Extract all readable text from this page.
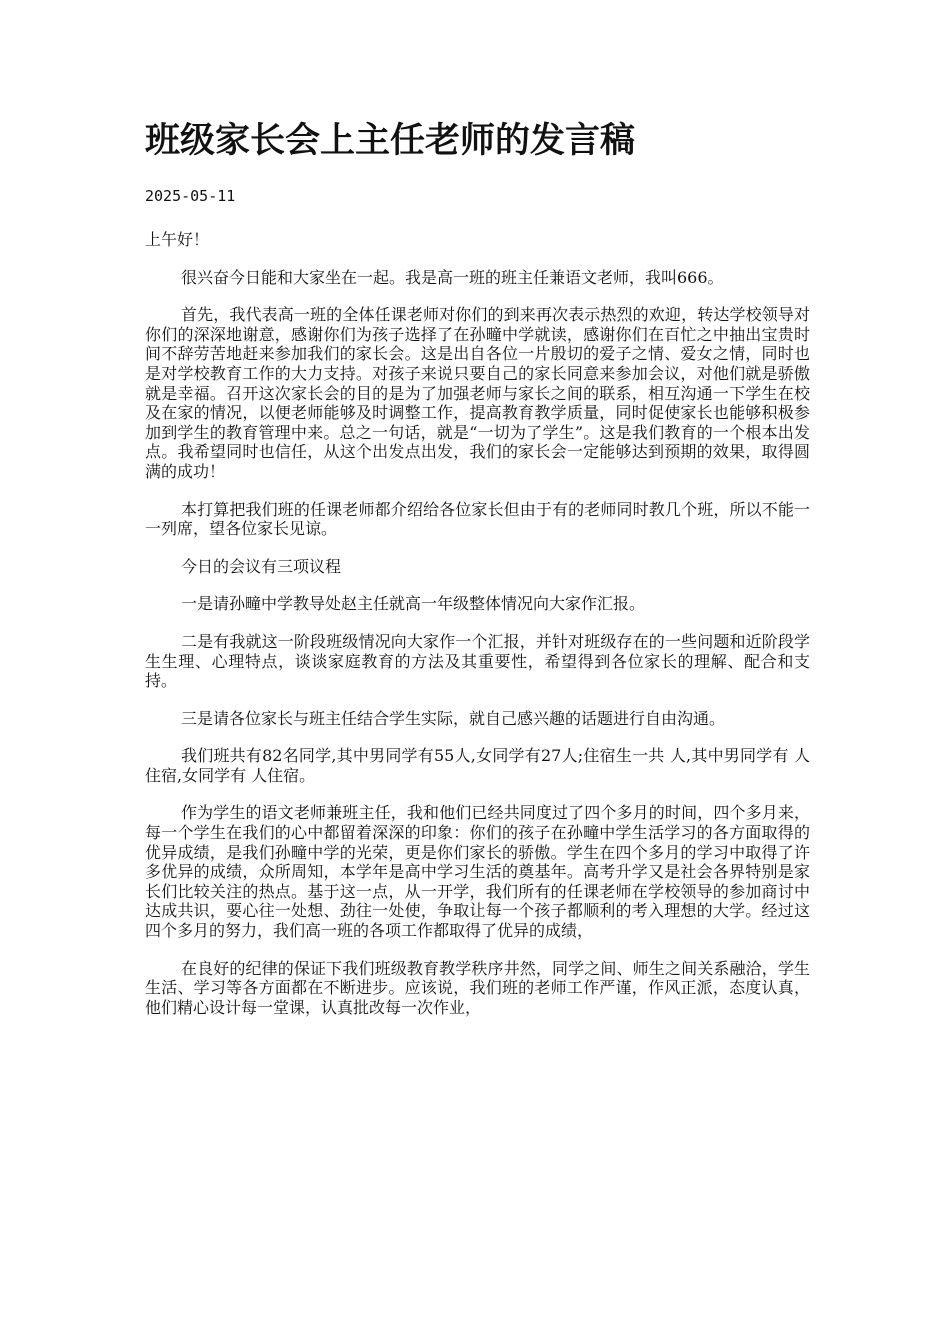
班级家长会上主任老师的发言稿
2025-05-11

上午好！

很兴奋今日能和大家坐在一起。我是高一班的班主任兼语文老师，我叫666。

首先，我代表高一班的全体任课老师对你们的到来再次表示热烈的欢迎，转达学校领导对你们的深深地谢意，感谢你们为孩子选择了在孙疃中学就读，感谢你们在百忙之中抽出宝贵时间不辞劳苦地赶来参加我们的家长会。这是出自各位一片殷切的爱子之情、爱女之情，同时也是对学校教育工作的大力支持。对孩子来说只要自己的家长同意来参加会议，对他们就是骄傲就是幸福。召开这次家长会的目的是为了加强老师与家长之间的联系，相互沟通一下学生在校及在家的情况，以便老师能够及时调整工作，提高教育教学质量，同时促使家长也能够积极参加到学生的教育管理中来。总之一句话，就是“一切为了学生”。这是我们教育的一个根本出发点。我希望同时也信任，从这个出发点出发，我们的家长会一定能够达到预期的效果，取得圆满的成功！

本打算把我们班的任课老师都介绍给各位家长但由于有的老师同时教几个班，所以不能一一列席，望各位家长见谅。

今日的会议有三项议程

一是请孙疃中学教导处赵主任就高一年级整体情况向大家作汇报。

二是有我就这一阶段班级情况向大家作一个汇报，并针对班级存在的一些问题和近阶段学生生理、心理特点，谈谈家庭教育的方法及其重要性，希望得到各位家长的理解、配合和支持。

三是请各位家长与班主任结合学生实际，就自己感兴趣的话题进行自由沟通。

我们班共有82名同学,其中男同学有55人,女同学有27人;住宿生一共 人,其中男同学有 人住宿,女同学有 人住宿。

作为学生的语文老师兼班主任，我和他们已经共同度过了四个多月的时间，四个多月来，每一个学生在我们的心中都留着深深的印象：你们的孩子在孙疃中学生活学习的各方面取得的优异成绩，是我们孙疃中学的光荣，更是你们家长的骄傲。学生在四个多月的学习中取得了许多优异的成绩，众所周知，本学年是高中学习生活的奠基年。高考升学又是社会各界特别是家长们比较关注的热点。基于这一点，从一开学，我们所有的任课老师在学校领导的参加商讨中达成共识，要心往一处想、劲往一处使，争取让每一个孩子都顺利的考入理想的大学。经过这四个多月的努力，我们高一班的各项工作都取得了优异的成绩，

在良好的纪律的保证下我们班级教育教学秩序井然，同学之间、师生之间关系融洽，学生生活、学习等各方面都在不断进步。应该说，我们班的老师工作严谨，作风正派，态度认真，他们精心设计每一堂课，认真批改每一次作业，
